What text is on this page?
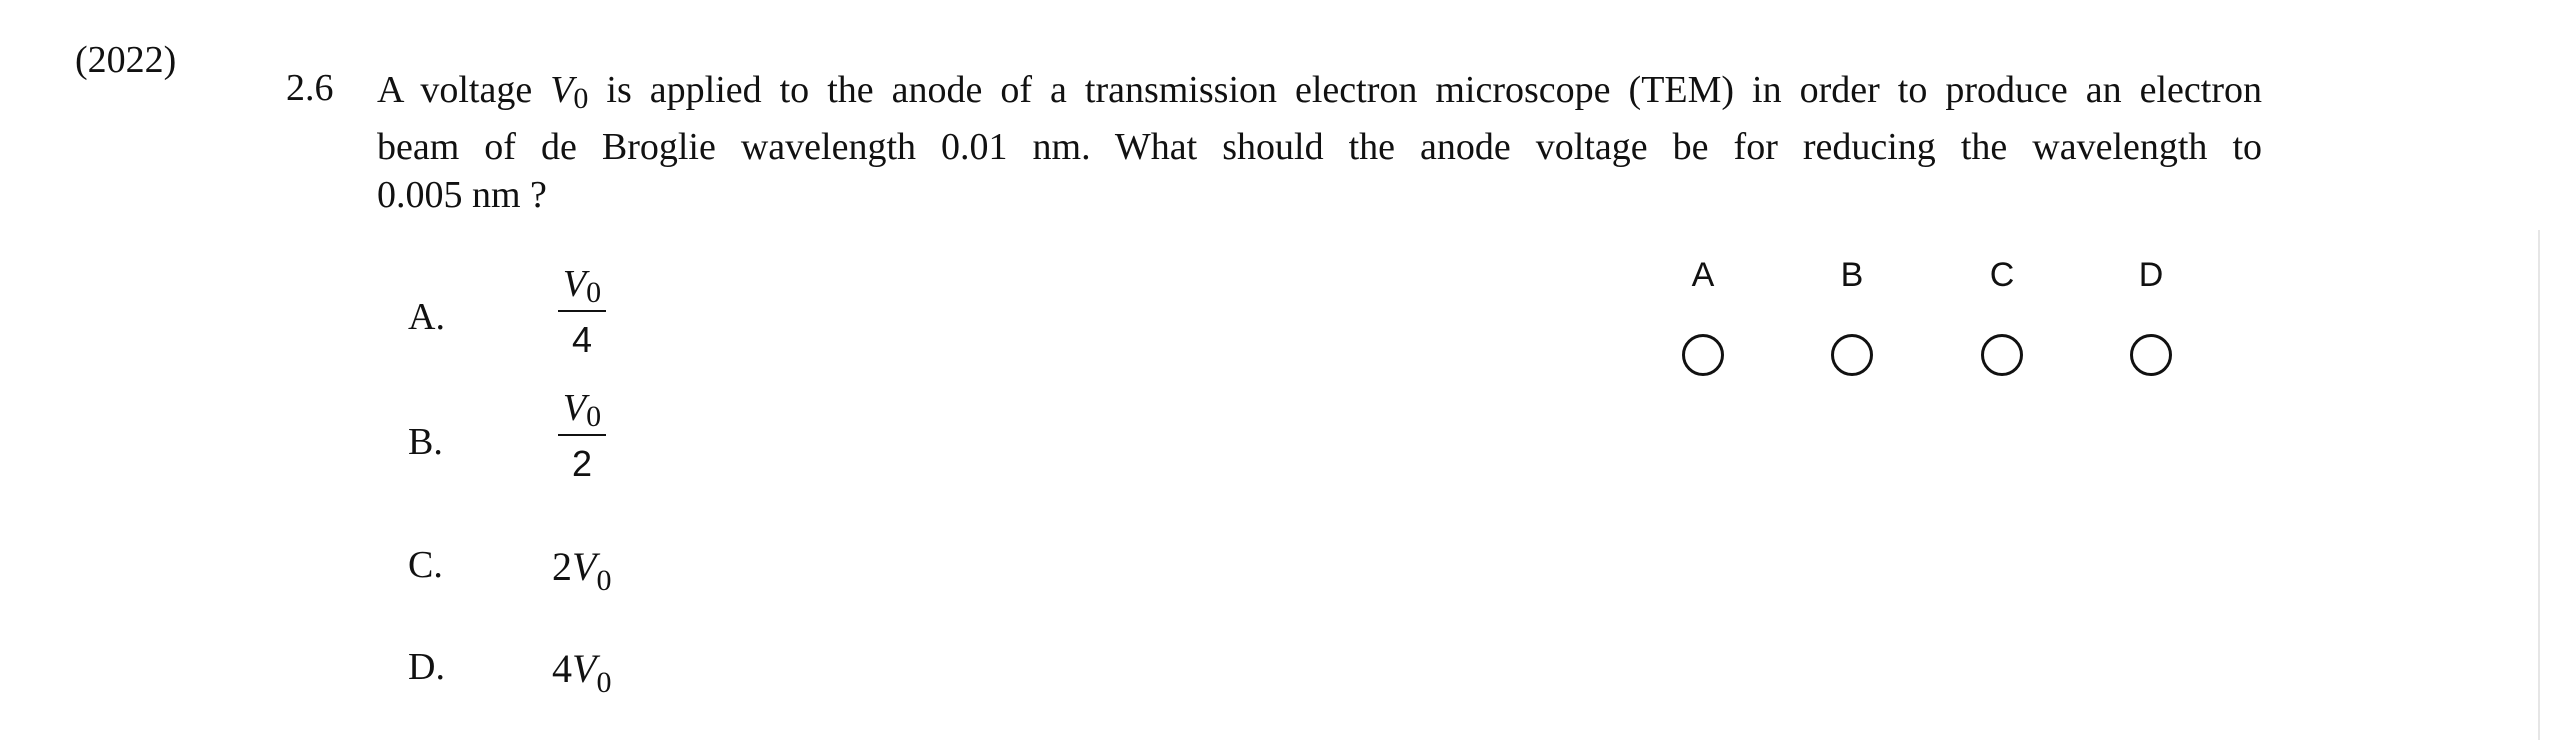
(2022)
2.6 A voltage $V_0$ is applied to the anode of a transmission electron microscope (TEM) in order to produce an electron
beam of de Broglie wavelength 0.01 nm. What should the anode voltage be for reducing the wavelength to
0.005 nm ?
A.
$V_0$
4
B.
$V_0$
2
C.	$2V_0$
D.	$4V_0$
A	B	C	D
